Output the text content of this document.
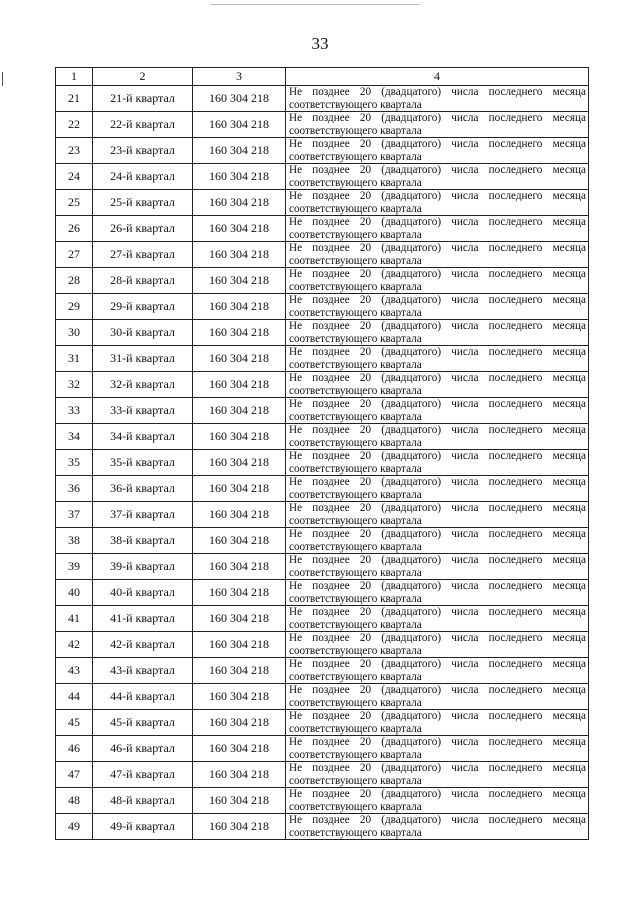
33
1	2	3	4
21	21-й квартал	160 304 218	Не позднее 20 (двадцатого) числа последнего месяца
соответствующего квартала

22	22-й квартал	160 304 218	Не позднее 20 (двадцатого) числа последнего месяца
соответствующего квартала

23	23-й квартал	160 304 218	Не позднее 20 (двадцатого) числа последнего месяца
соответствующего квартала

24	24-й квартал	160 304 218	Не позднее 20 (двадцатого) числа последнего месяца
соответствующего квартала

25	25-й квартал	160 304 218	Не позднее 20 (двадцатого) числа последнего месяца
соответствующего квартала

26	26-й квартал	160 304 218	Не позднее 20 (двадцатого) числа последнего месяца
соответствующего квартала

27	27-й квартал	160 304 218	Не позднее 20 (двадцатого) числа последнего месяца
соответствующего квартала

28	28-й квартал	160 304 218	Не позднее 20 (двадцатого) числа последнего месяца
соответствующего квартала

29	29-й квартал	160 304 218	Не позднее 20 (двадцатого) числа последнего месяца
соответствующего квартала

30	30-й квартал	160 304 218	Не позднее 20 (двадцатого) числа последнего месяца
соответствующего квартала

31	31-й квартал	160 304 218	Не позднее 20 (двадцатого) числа последнего месяца
соответствующего квартала

32	32-й квартал	160 304 218	Не позднее 20 (двадцатого) числа последнего месяца
соответствующего квартала

33	33-й квартал	160 304 218	Не позднее 20 (двадцатого) числа последнего месяца
соответствующего квартала

34	34-й квартал	160 304 218	Не позднее 20 (двадцатого) числа последнего месяца
соответствующего квартала

35	35-й квартал	160 304 218	Не позднее 20 (двадцатого) числа последнего месяца
соответствующего квартала

36	36-й квартал	160 304 218	Не позднее 20 (двадцатого) числа последнего месяца
соответствующего квартала

37	37-й квартал	160 304 218	Не позднее 20 (двадцатого) числа последнего месяца
соответствующего квартала

38	38-й квартал	160 304 218	Не позднее 20 (двадцатого) числа последнего месяца
соответствующего квартала

39	39-й квартал	160 304 218	Не позднее 20 (двадцатого) числа последнего месяца
соответствующего квартала

40	40-й квартал	160 304 218	Не позднее 20 (двадцатого) числа последнего месяца
соответствующего квартала

41	41-й квартал	160 304 218	Не позднее 20 (двадцатого) числа последнего месяца
соответствующего квартала

42	42-й квартал	160 304 218	Не позднее 20 (двадцатого) числа последнего месяца
соответствующего квартала

43	43-й квартал	160 304 218	Не позднее 20 (двадцатого) числа последнего месяца
соответствующего квартала

44	44-й квартал	160 304 218	Не позднее 20 (двадцатого) числа последнего месяца
соответствующего квартала

45	45-й квартал	160 304 218	Не позднее 20 (двадцатого) числа последнего месяца
соответствующего квартала

46	46-й квартал	160 304 218	Не позднее 20 (двадцатого) числа последнего месяца
соответствующего квартала

47	47-й квартал	160 304 218	Не позднее 20 (двадцатого) числа последнего месяца
соответствующего квартала

48	48-й квартал	160 304 218	Не позднее 20 (двадцатого) числа последнего месяца
соответствующего квартала

49	49-й квартал	160 304 218	Не позднее 20 (двадцатого) числа последнего месяца
соответствующего квартала
